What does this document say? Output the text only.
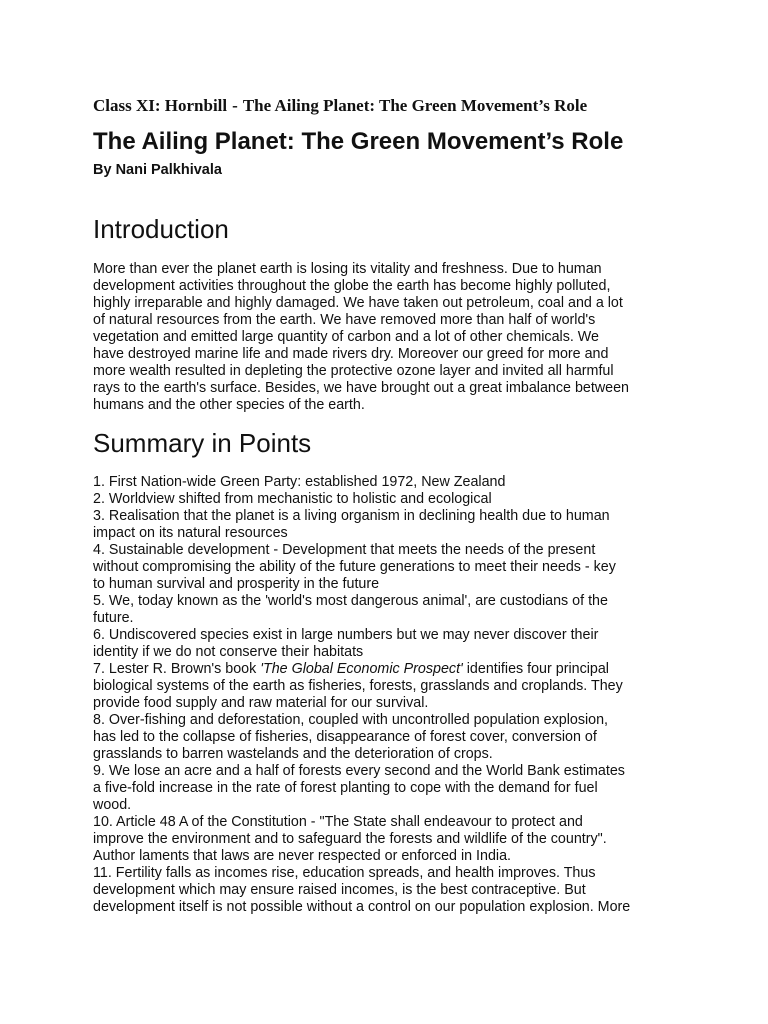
Class XI: Hornbill - The Ailing Planet: The Green Movement’s Role
The Ailing Planet: The Green Movement’s Role
By Nani Palkhivala
Introduction
More than ever the planet earth is losing its vitality and freshness. Due to human
development activities throughout the globe the earth has become highly polluted,
highly irreparable and highly damaged. We have taken out petroleum, coal and a lot
of natural resources from the earth. We have removed more than half of world's
vegetation and emitted large quantity of carbon and a lot of other chemicals. We
have destroyed marine life and made rivers dry. Moreover our greed for more and
more wealth resulted in depleting the protective ozone layer and invited all harmful
rays to the earth's surface. Besides, we have brought out a great imbalance between
humans and the other species of the earth.
Summary in Points
1. First Nation-wide Green Party: established 1972, New Zealand
2. Worldview shifted from mechanistic to holistic and ecological
3. Realisation that the planet is a living organism in declining health due to human
impact on its natural resources
4. Sustainable development - Development that meets the needs of the present
without compromising the ability of the future generations to meet their needs - key
to human survival and prosperity in the future
5. We, today known as the 'world's most dangerous animal', are custodians of the
future.
6. Undiscovered species exist in large numbers but we may never discover their
identity if we do not conserve their habitats
7. Lester R. Brown's book 'The Global Economic Prospect' identifies four principal
biological systems of the earth as fisheries, forests, grasslands and croplands. They
provide food supply and raw material for our survival.
8. Over-fishing and deforestation, coupled with uncontrolled population explosion,
has led to the collapse of fisheries, disappearance of forest cover, conversion of
grasslands to barren wastelands and the deterioration of crops.
9. We lose an acre and a half of forests every second and the World Bank estimates
a five-fold increase in the rate of forest planting to cope with the demand for fuel
wood.
10. Article 48 A of the Constitution - "The State shall endeavour to protect and
improve the environment and to safeguard the forests and wildlife of the country".
Author laments that laws are never respected or enforced in India.
11. Fertility falls as incomes rise, education spreads, and health improves. Thus
development which may ensure raised incomes, is the best contraceptive. But
development itself is not possible without a control on our population explosion. More
